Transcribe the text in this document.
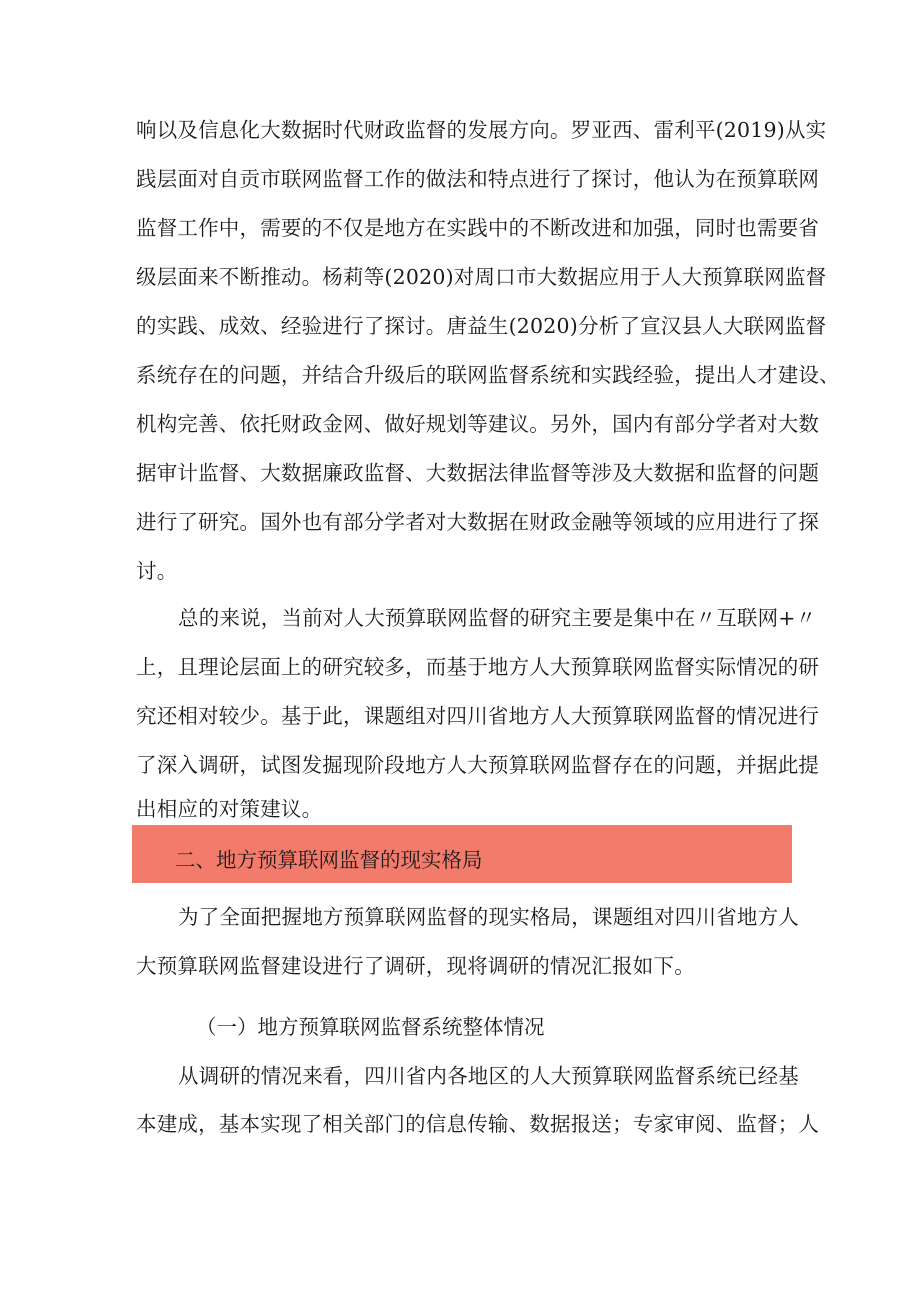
响以及信息化大数据时代财政监督的发展方向。罗亚西、雷利平(2019)从实
践层面对自贡市联网监督工作的做法和特点进行了探讨，他认为在预算联网
监督工作中，需要的不仅是地方在实践中的不断改进和加强，同时也需要省
级层面来不断推动。杨莉等(2020)对周口市大数据应用于人大预算联网监督
的实践、成效、经验进行了探讨。唐益生(2020)分析了宣汉县人大联网监督
系统存在的问题，并结合升级后的联网监督系统和实践经验，提出人才建设、
机构完善、依托财政金网、做好规划等建议。另外，国内有部分学者对大数
据审计监督、大数据廉政监督、大数据法律监督等涉及大数据和监督的问题
进行了研究。国外也有部分学者对大数据在财政金融等领域的应用进行了探
讨。
总的来说，当前对人大预算联网监督的研究主要是集中在〃互联网+〃
上，且理论层面上的研究较多，而基于地方人大预算联网监督实际情况的研
究还相对较少。基于此，课题组对四川省地方人大预算联网监督的情况进行
了深入调研，试图发掘现阶段地方人大预算联网监督存在的问题，并据此提
出相应的对策建议。
二、地方预算联网监督的现实格局
为了全面把握地方预算联网监督的现实格局，课题组对四川省地方人
大预算联网监督建设进行了调研，现将调研的情况汇报如下。
（一）地方预算联网监督系统整体情况
从调研的情况来看，四川省内各地区的人大预算联网监督系统已经基
本建成，基本实现了相关部门的信息传输、数据报送；专家审阅、监督；人
